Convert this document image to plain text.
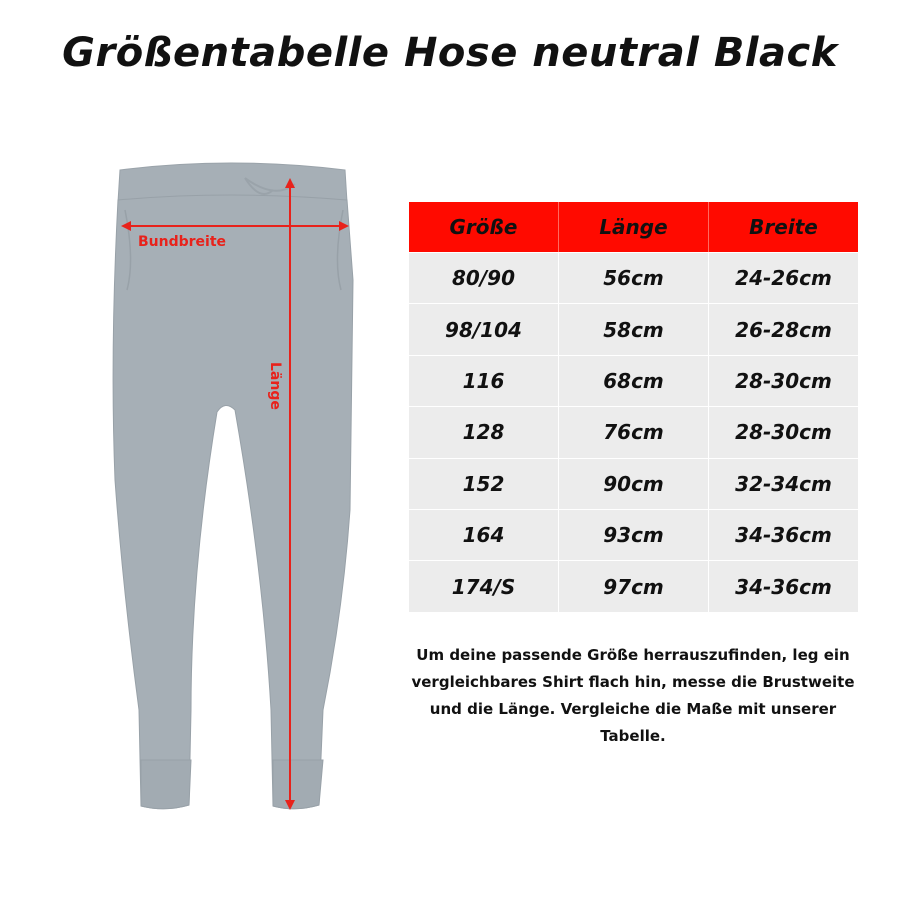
Größentabelle Hose neutral Black
Bundbreite
Länge
Größe	Länge	Breite
80/90	56cm	24-26cm
98/104	58cm	26-28cm
116	68cm	28-30cm
128	76cm	28-30cm
152	90cm	32-34cm
164	93cm	34-36cm
174/S	97cm	34-36cm
Um deine passende Größe herrauszufinden, leg ein vergleichbares Shirt flach hin, messe die Brustweite und die Länge. Vergleiche die Maße mit unserer Tabelle.
